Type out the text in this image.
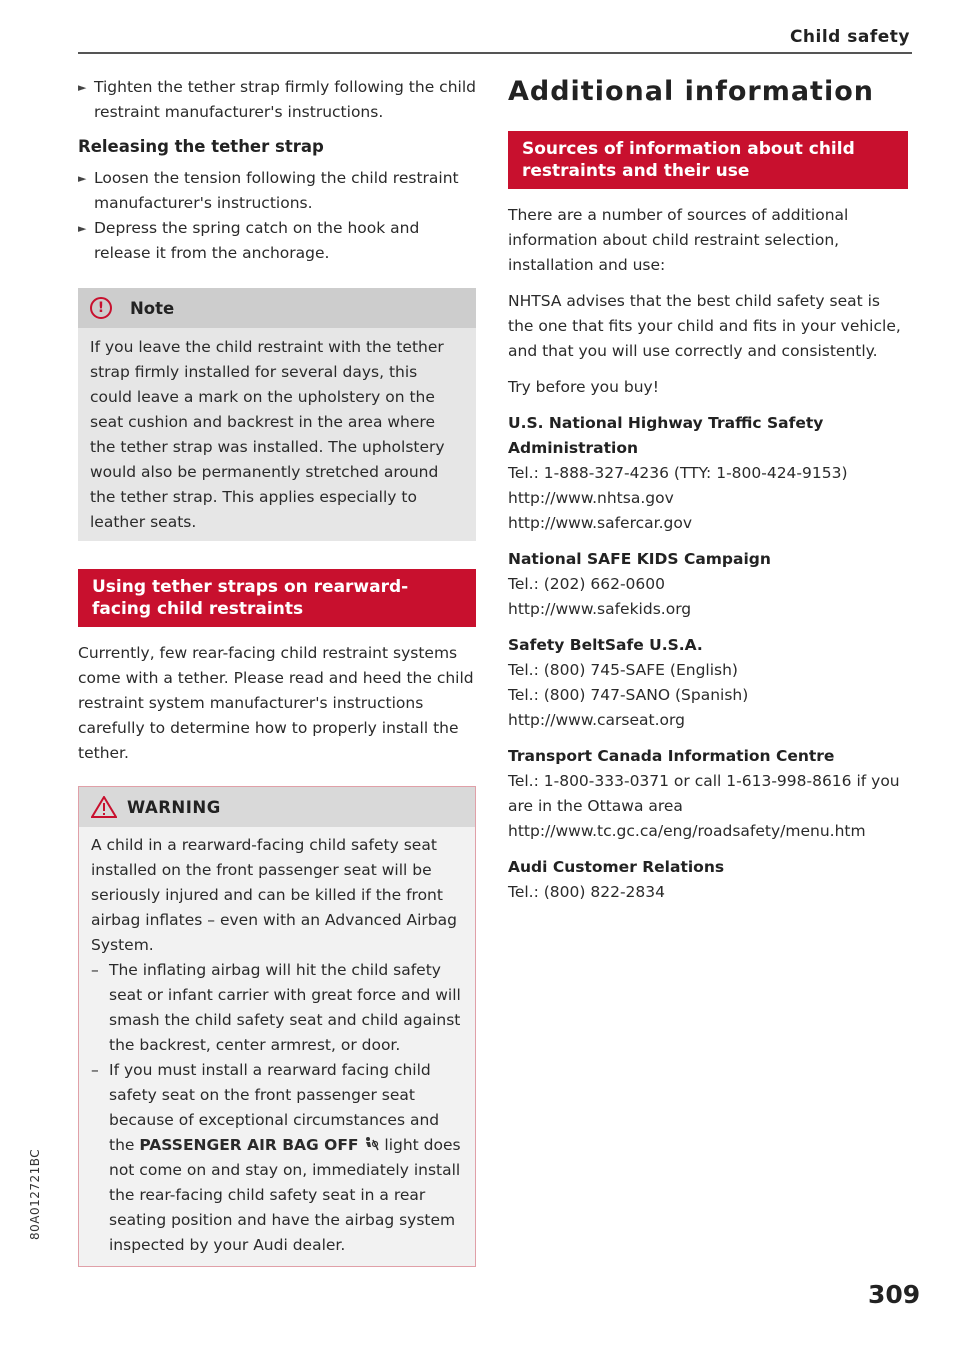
Child safety
► Tighten the tether strap firmly following the child restraint manufacturer's instructions.
Releasing the tether strap
► Loosen the tension following the child restraint manufacturer's instructions.
► Depress the spring catch on the hook and release it from the anchorage.
!	Note

If you leave the child restraint with the tether strap firmly installed for several days, this could leave a mark on the upholstery on the seat cushion and backrest in the area where the tether strap was installed. The upholstery would also be permanently stretched around the tether strap. This applies especially to leather seats.

Using tether straps on rearward-facing child restraints

Currently, few rear-facing child restraint systems come with a tether. Please read and heed the child restraint system manufacturer's instructions carefully to determine how to properly install the tether.

WARNING

A child in a rearward-facing child safety seat installed on the front passenger seat will be seriously injured and can be killed if the front airbag inflates – even with an Advanced Airbag System.

– The inflating airbag will hit the child safety seat or infant carrier with great force and will smash the child safety seat and child against the backrest, center armrest, or door.
– If you must install a rearward facing child safety seat on the front passenger seat because of exceptional circumstances and the PASSENGER AIR BAG OFF light does not come on and stay on, immediately install the rear-facing child safety seat in a rear seating position and have the airbag system inspected by your Audi dealer.
Additional information
Sources of information about child restraints and their use

There are a number of sources of additional information about child restraint selection, installation and use:

NHTSA advises that the best child safety seat is the one that fits your child and fits in your vehicle, and that you will use correctly and consistently.

Try before you buy!

U.S. National Highway Traffic Safety Administration
Tel.: 1-888-327-4236 (TTY: 1-800-424-9153)
http://www.nhtsa.gov
http://www.safercar.gov
National SAFE KIDS Campaign
Tel.: (202) 662-0600
http://www.safekids.org
Safety BeltSafe U.S.A.
Tel.: (800) 745-SAFE (English)
Tel.: (800) 747-SANO (Spanish)
http://www.carseat.org
Transport Canada Information Centre
Tel.: 1-800-333-0371 or call 1-613-998-8616 if you are in the Ottawa area
http://www.tc.gc.ca/eng/roadsafety/menu.htm
Audi Customer Relations
Tel.: (800) 822-2834
309
80A012721BC
